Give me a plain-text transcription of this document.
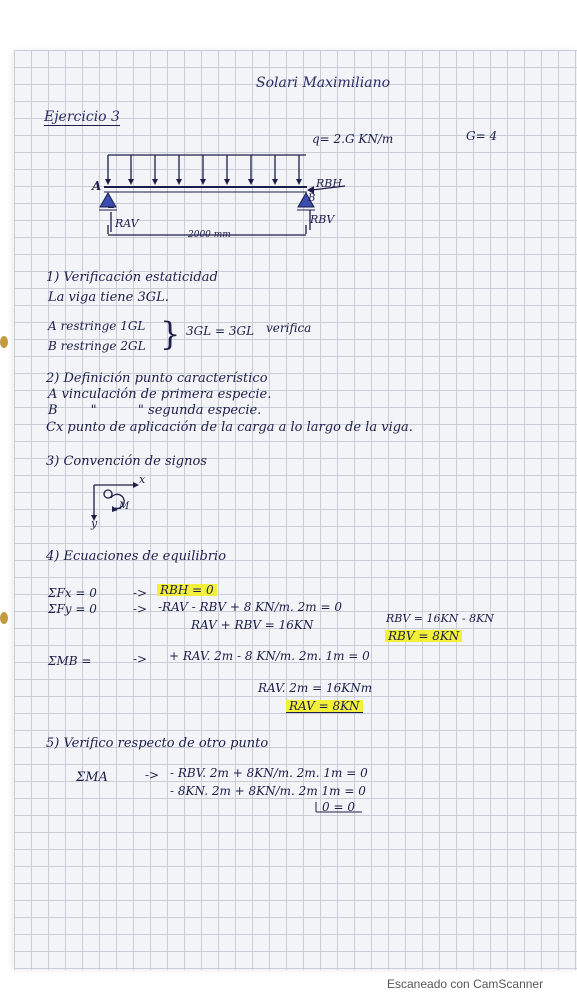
Solari Maximiliano
Ejercicio 3
q= 2.G KN/m	G= 4
A
B
RBH
RAV	RBV
2000 mm
1) Verificación estaticidad
La viga tiene 3GL.
A restringe 1GL
B restringe 2GL } 3GL = 3GL verifica
2) Definición punto característico
A vinculación de primera especie.
B        "          " segunda especie.
Cx punto de aplicación de la carga a lo largo de la viga.
3) Convención de signos
x
y
M
4) Ecuaciones de equilibrio
ΣFx = 0
ΣFy = 0
->
->
RBH = 0
-RAV - RBV + 8 KN/m. 2m = 0
RAV + RBV = 16KN	RBV = 16KN - 8KN
RBV = 8KN
ΣMB =	-> + RAV. 2m - 8 KN/m. 2m. 1m = 0
RAV. 2m = 16KNm
RAV = 8KN
5) Verifico respecto de otro punto
ΣMA	-> - RBV. 2m + 8KN/m. 2m. 1m = 0
- 8KN. 2m + 8KN/m. 2m 1m = 0
0 = 0
Escaneado con CamScanner
